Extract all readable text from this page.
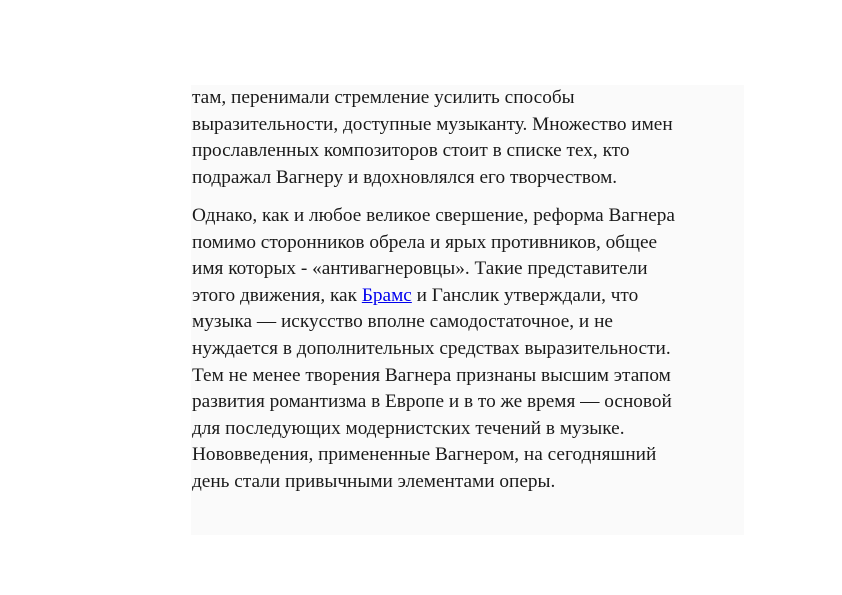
там, перенимали стремление усилить способы
выразительности, доступные музыканту. Множество имен
прославленных композиторов стоит в списке тех, кто
подражал Вагнеру и вдохновлялся его творчеством.

Однако, как и любое великое свершение, реформа Вагнера
помимо сторонников обрела и ярых противников, общее
имя которых - «антивагнеровцы». Такие представители
этого движения, как Брамс и Ганслик утверждали, что
музыка — искусство вполне самодостаточное, и не
нуждается в дополнительных средствах выразительности.
Тем не менее творения Вагнера признаны высшим этапом
развития романтизма в Европе и в то же время — основой
для последующих модернистских течений в музыке.
Нововведения, примененные Вагнером, на сегодняшний
день стали привычными элементами оперы.
